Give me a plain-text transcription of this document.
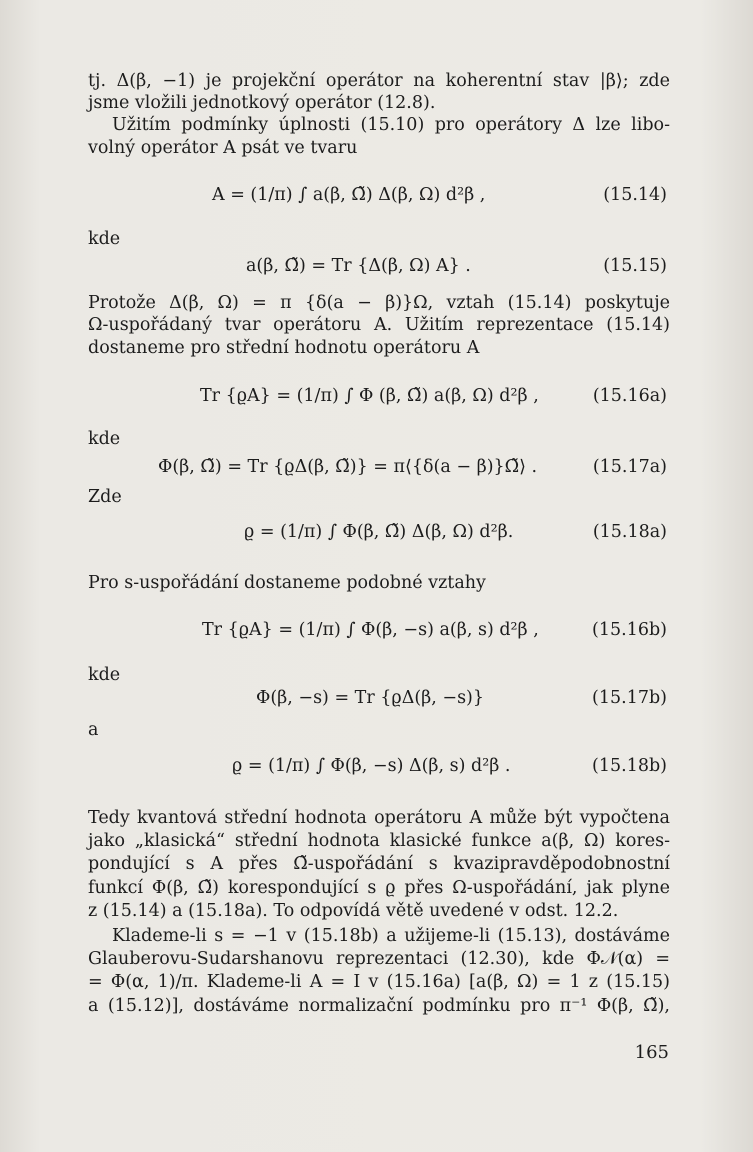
tj. Δ(β, −1) je projekční operátor na koherentní stav |β⟩; zde
jsme vložili jednotkový operátor (12.8).
Užitím podmínky úplnosti (15.10) pro operátory Δ lze libo-
volný operátor A psát ve tvaru
A = (1/π) ∫ a(β, Ω̃) Δ(β, Ω) d²β ,	(15.14)
kde
a(β, Ω̃) = Tr {Δ(β, Ω) A} .	(15.15)
Protože Δ(β, Ω) = π {δ(a − β)}Ω, vztah (15.14) poskytuje
Ω-uspořádaný tvar operátoru A. Užitím reprezentace (15.14)
dostaneme pro střední hodnotu operátoru A
Tr {ϱA} = (1/π) ∫ Φ (β, Ω̃) a(β, Ω) d²β ,	(15.16a)
kde
Φ(β, Ω̃) = Tr {ϱΔ(β, Ω̃)} = π⟨{δ(a − β)}Ω̃⟩ .	(15.17a)
Zde
ϱ = (1/π) ∫ Φ(β, Ω̃) Δ(β, Ω) d²β.	(15.18a)
Pro s-uspořádání dostaneme podobné vztahy
Tr {ϱA} = (1/π) ∫ Φ(β, −s) a(β, s) d²β ,	(15.16b)
kde
Φ(β, −s) = Tr {ϱΔ(β, −s)}	(15.17b)
a
ϱ = (1/π) ∫ Φ(β, −s) Δ(β, s) d²β .	(15.18b)
Tedy kvantová střední hodnota operátoru A může být vypočtena
jako „klasická“ střední hodnota klasické funkce a(β, Ω) kores-
pondující s A přes Ω̃-uspořádání s kvazipravděpodobnostní
funkcí Φ(β, Ω̃) korespondující s ϱ přes Ω-uspořádání, jak plyne
z (15.14) a (15.18a). To odpovídá větě uvedené v odst. 12.2.
Klademe-li s = −1 v (15.18b) a užijeme-li (15.13), dostáváme
Glauberovu-Sudarshanovu reprezentaci (12.30), kde Φ𝒩(α) =
= Φ(α, 1)/π. Klademe-li A = I v (15.16a) [a(β, Ω) = 1 z (15.15)
a (15.12)], dostáváme normalizační podmínku pro π⁻¹ Φ(β, Ω̃),
165
